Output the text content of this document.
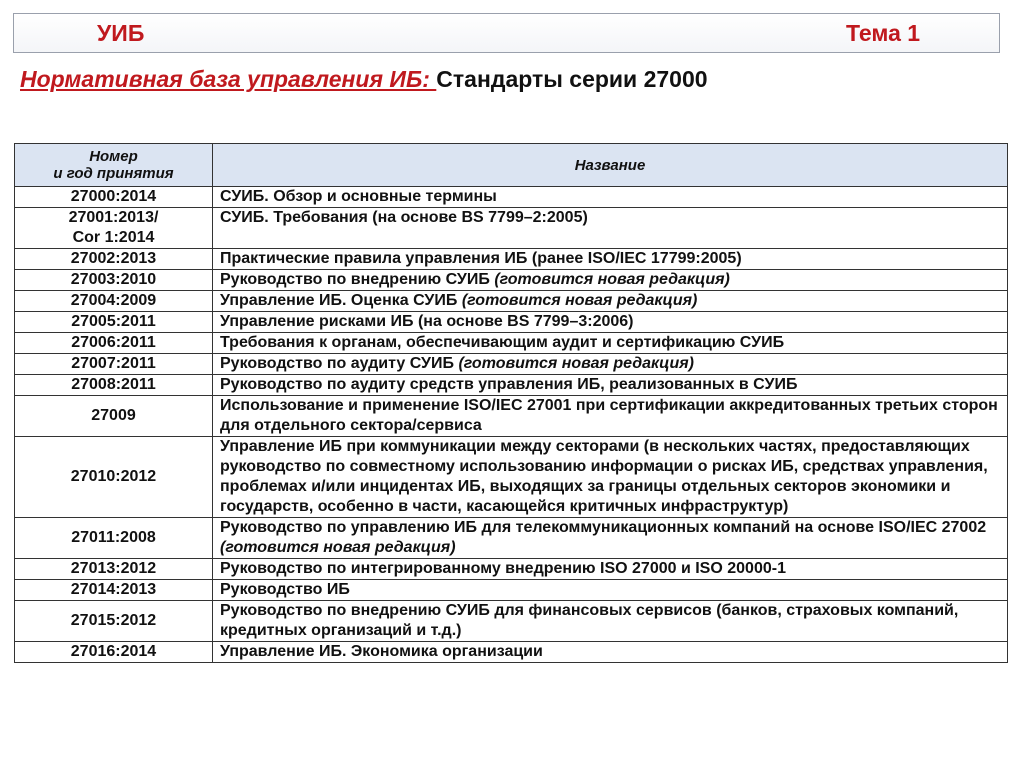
УИБ	Тема 1
Нормативная база управления ИБ: Стандарты серии 27000
Номер
и год принятия	Название
27000:2014	СУИБ. Обзор и основные термины
27001:2013/
Cor 1:2014	СУИБ. Требования (на основе BS 7799–2:2005)
27002:2013	Практические правила управления ИБ (ранее ISO/IEC 17799:2005)
27003:2010	Руководство по внедрению СУИБ (готовится новая редакция)
27004:2009	Управление ИБ. Оценка СУИБ (готовится новая редакция)
27005:2011	Управление рисками ИБ (на основе BS 7799–3:2006)
27006:2011	Требования к органам, обеспечивающим аудит и сертификацию СУИБ
27007:2011	Руководство по аудиту СУИБ (готовится новая редакция)
27008:2011	Руководство по аудиту средств управления ИБ, реализованных в СУИБ
27009	Использование и применение ISO/IEC 27001 при сертификации аккредитованных третьих сторон для отдельного сектора/сервиса
27010:2012	Управление ИБ при коммуникации между секторами (в нескольких частях, предоставляющих руководство по совместному использованию информации о рисках ИБ, средствах управления, проблемах и/или инцидентах ИБ, выходящих за границы отдельных секторов экономики и государств, особенно в части, касающейся критичных инфраструктур)
27011:2008	Руководство по управлению ИБ для телекоммуникационных компаний на основе ISO/IEC 27002 (готовится новая редакция)
27013:2012	Руководство по интегрированному внедрению ISO 27000 и ISO 20000-1
27014:2013	Руководство ИБ
27015:2012	Руководство по внедрению СУИБ для финансовых сервисов (банков, страховых компаний, кредитных организаций и т.д.)
27016:2014	Управление ИБ. Экономика организации
